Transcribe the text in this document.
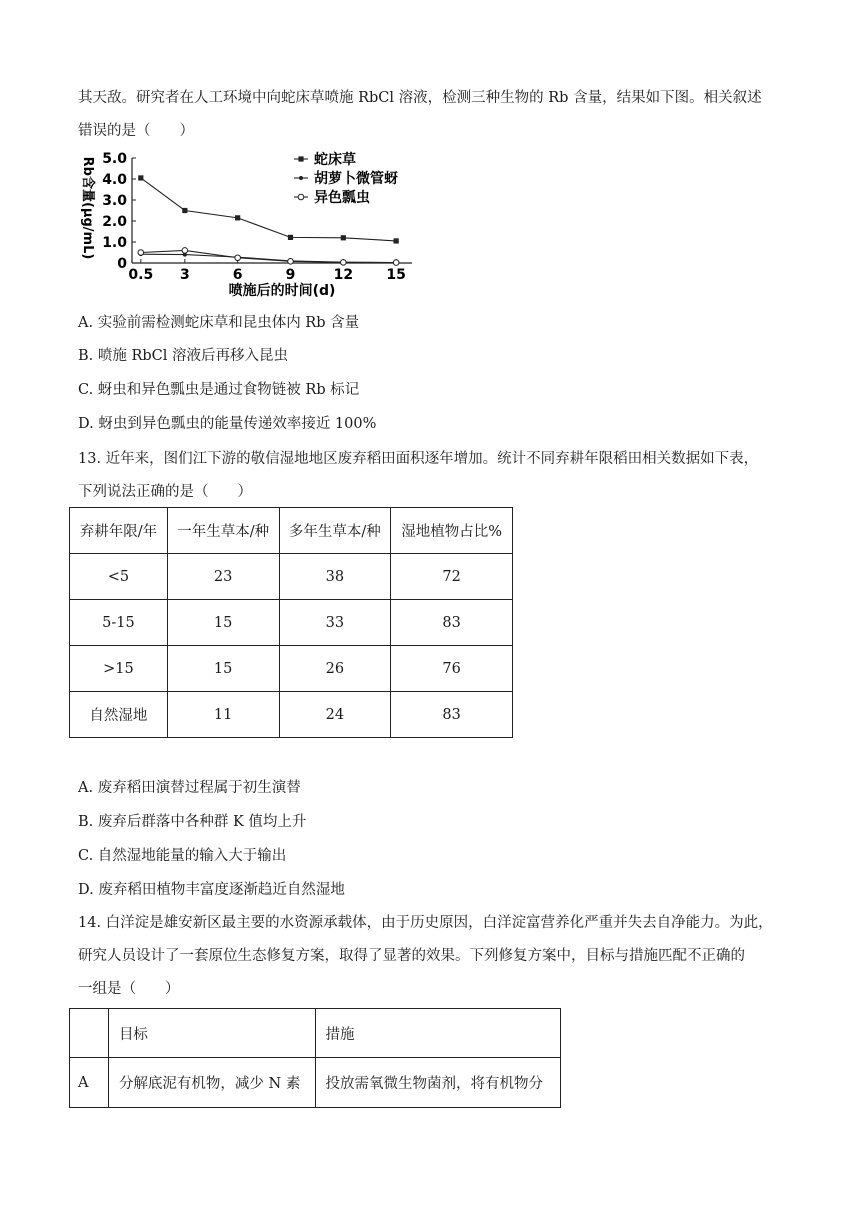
其天敌。研究者在人工环境中向蛇床草喷施 RbCl 溶液，检测三种生物的 Rb 含量，结果如下图。相关叙述
错误的是（　　）
0
1.0
2.0
3.0
4.0
5.0
0.5 3	6	9	12 15
蛇床草
胡萝卜微管蚜
异色瓢虫
喷施后的时间(d)
Rb含量(μg/mL)
A. 实验前需检测蛇床草和昆虫体内 Rb 含量
B. 喷施 RbCl 溶液后再移入昆虫
C. 蚜虫和异色瓢虫是通过食物链被 Rb 标记
D. 蚜虫到异色瓢虫的能量传递效率接近 100%
13. 近年来，图们江下游的敬信湿地地区废弃稻田面积逐年增加。统计不同弃耕年限稻田相关数据如下表，
下列说法正确的是（　　）
弃耕年限/年	一年生草本/种	多年生草本/种	湿地植物占比%
<5	23	38	72
5-15	15	33	83
>15	15	26	76
自然湿地	11	24	83
A. 废弃稻田演替过程属于初生演替
B. 废弃后群落中各种群 K 值均上升
C. 自然湿地能量的输入大于输出
D. 废弃稻田植物丰富度逐渐趋近自然湿地
14. 白洋淀是雄安新区最主要的水资源承载体，由于历史原因，白洋淀富营养化严重并失去自净能力。为此，
研究人员设计了一套原位生态修复方案，取得了显著的效果。下列修复方案中，目标与措施匹配不正确的
一组是（　　）
	目标	措施
A	分解底泥有机物，减少 N 素	投放需氧微生物菌剂，将有机物分
